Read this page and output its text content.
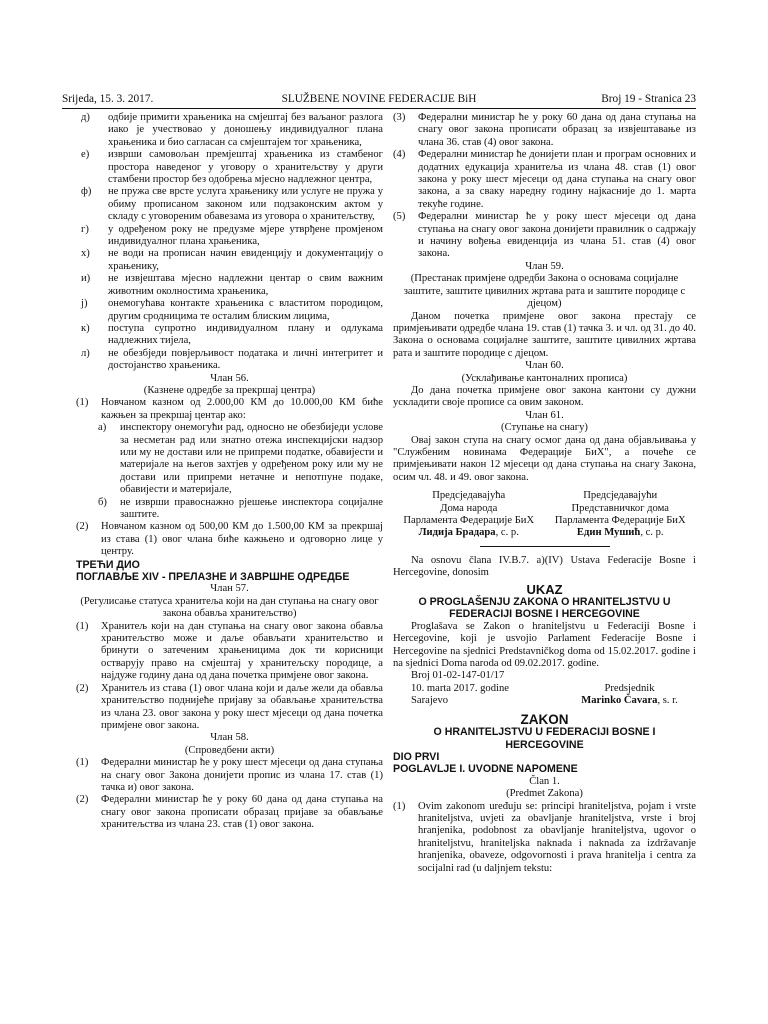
Srijeda, 15. 3. 2017.	SLUŽBENE NOVINE FEDERACIJE BiH	Broj 19 - Stranica 23
д)	одбије примити храњеника на смјештај без ваљаног разлога иако је учествовао у доношењу индивидуалног плана храњеника и био сагласан са смјештајем тог храњеника,
е)	изврши самовољан премјештај храњеника из стамбеног простора наведеног у уговору о хранитељству у други стамбени простор без одобрења мјесно надлежног центра,
ф)	не пружа све врсте услуга храњенику или услуге не пружа у обиму прописаном законом или подзаконским актом у складу с уговореним обавезама из уговора о хранитељству,
г)	у одређеном року не предузме мјере утврђене промјеном индивидуалног плана храњеника,
х)	не води на прописан начин евиденцију и документацију о храњенику,
и)	не извјештава мјесно надлежни центар о свим важним животним околностима храњеника,
ј)	онемогућава контакте храњеника с властитом породицом, другим сродницима те осталим блиским лицима,
к)	поступа супротно индивидуалном плану и одлукама надлежних тијела,
л)	не обезбједи повјерљивост података и личнi интегритет и достојанство храњеника.
Члан 56.
(Казнене одредбе за прекршај центра)
(1)	Новчаном казном од 2.000,00 КМ до 10.000,00 КМ биће кажњен за прекршај центар ако:
а)	инспектору онемогући рад, односно не обезбиједи услове за несметан рад или знатно отежа инспекцијски надзор или му не достави или не припреми податке, обавијести и материјале на његов захтјев у одређеном року или му не достави или припреми нетачне и непотпуне подаке, обавијести и материјале,
б)	не изврши правоснажно рјешење инспектора социјалне заштите.
(2)	Новчаном казном од 500,00 КМ до 1.500,00 КМ за прекршај из става (1) овог члана биће кажњено и одговорно лице у центру.
ТРЕЋИ ДИО
ПОГЛАВЉЕ XIV - ПРЕЛАЗНЕ И ЗАВРШНЕ ОДРЕДБЕ
Члан 57.
(Регулисање статуса хранитеља који на дан ступања на снагу овог закона обавља хранитељство)
(1)	Хранитељ који на дан ступања на снагу овог закона обавља хранитељство може и даље обављати хранитељство и бринути о затеченим храњеницима док ти корисници остварују право на смјештај у хранитељску породице, а најдуже годину дана од дана почетка примјене овог закона.
(2)	Хранитељ из става (1) овог члана који и даље жели да обавља хранитељство поднијеће пријаву за обављање хранитељства из члана 23. овог закона у року шест мјесеци од дана почетка примјене овог закона.
Члан 58.
(Спроведбени акти)
(1)	Федерални министар ће у року шест мјесеци од дана ступања на снагу овог Закона донијети пропис из члана 17. став (1) тачка и) овог закона.
(2)	Федерални министар ће у року 60 дана од дана ступања на снагу овог закона прописати образац пријаве за обављање хранитељства из члана 23. став (1) овог закона.
(3)	Федерални министар ће у року 60 дана од дана ступања на снагу овог закона прописати образац за извјештавање из члана 36. став (4) овог закона.
(4)	Федерални министар ће донијети план и програм основних и додатних едукација хранитеља из члана 48. став (1) овог закона у року шест мјесеци од дана ступања на снагу овог закона, а за сваку наредну годину најкасније до 1. марта текуће године.
(5)	Федерални министар ће у року шест мјесеци од дана ступања на снагу овог закона донијети правилник о садржају и начину вођења евиденција из члана 51. став (4) овог закона.
Члан 59.
(Престанак примјене одредби Закона о основама социјалне заштите, заштите цивилних жртава рата и заштите породице с дјецом)
Даном почетка примјене овог закона престају се примјењивати одредбе члана 19. став (1) тачка 3. и чл. од 31. до 40. Закона о основама социјалне заштите, заштите цивилних жртава рата и заштите породице с дјецом.
Члан 60.
(Усклађивање кантоналних прописа)
До дана почетка примјене овог закона кантони су дужни ускладити своје прописе са овим законом.
Члан 61.
(Ступање на снагу)
Овај закон ступа на снагу осмог дана од дана објављивања у "Службеним новинама Федерације БиХ", а почеће се примјењивати након 12 мјесеци од дана ступања на снагу Закона, осим чл. 48. и 49. овог закона.
Предсједавајућа
Дома народа
Парламента Федерације БиХ
Лидија Брадара, с. р.
Предсједавајући
Представничког дома
Парламента Федерације БиХ
Един Мушић, с. р.
Na osnovu člana IV.B.7. a)(IV) Ustava Federacije Bosne i Hercegovine, donosim
UKAZ
O PROGLAŠENJU ZAKONA O HRANITELJSTVU U FEDERACIJI BOSNE I HERCEGOVINE
Proglašava se Zakon o hraniteljstvu u Federaciji Bosne i Hercegovine, koji je usvojio Parlament Federacije Bosne i Hercegovine na sjednici Predstavničkog doma od 15.02.2017. godine i na sjednici Doma naroda od 09.02.2017. godine.
Broj 01-02-147-01/17
10. marta 2017. godine
Sarajevo

Predsjednik
Marinko Čavara, s. r.
ZAKON
O HRANITELJSTVU U FEDERACIJI BOSNE I HERCEGOVINE
DIO PRVI
POGLAVLJE I. UVODNE NAPOMENE
Član 1.
(Predmet Zakona)
(1)	Ovim zakonom uređuju se: principi hraniteljstva, pojam i vrste hraniteljstva, uvjeti za obavljanje hraniteljstva, vrste i broj hranjenika, podobnost za obavljanje hraniteljstva, ugovor o hraniteljstvu, hraniteljska naknada i naknada za izdržavanje hranjenika, obaveze, odgovornosti i prava hranitelja i centra za socijalni rad (u daljnjem tekstu:
